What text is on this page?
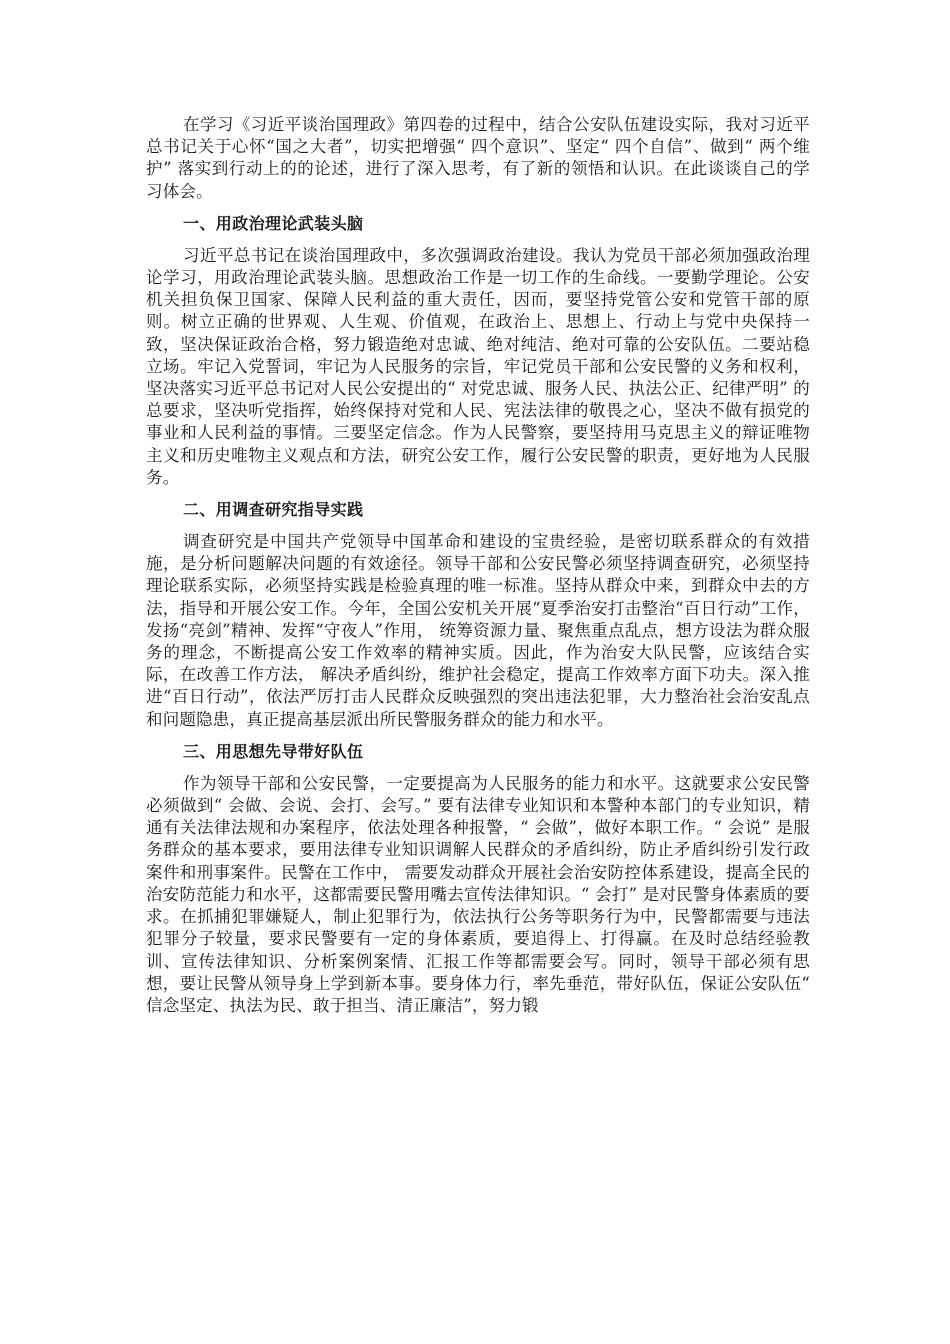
在学习《习近平谈治国理政》第四卷的过程中，结合公安队伍建设实际，我对习近平总书记关于心怀“国之大者”，切实把增强“ 四个意识”、坚定“ 四个自信”、做到“ 两个维护” 落实到行动上的的论述，进行了深入思考，有了新的领悟和认识。在此谈谈自己的学习体会。

一、用政治理论武装头脑

习近平总书记在谈治国理政中，多次强调政治建设。我认为党员干部必须加强政治理论学习，用政治理论武装头脑。思想政治工作是一切工作的生命线。一要勤学理论。公安机关担负保卫国家、保障人民利益的重大责任，因而，要坚持党管公安和党管干部的原则。树立正确的世界观、人生观、价值观，在政治上、思想上、行动上与党中央保持一致，坚决保证政治合格，努力锻造绝对忠诚、绝对纯洁、绝对可靠的公安队伍。二要站稳立场。牢记入党誓词，牢记为人民服务的宗旨，牢记党员干部和公安民警的义务和权利，坚决落实习近平总书记对人民公安提出的“ 对党忠诚、服务人民、执法公正、纪律严明” 的总要求，坚决听党指挥，始终保持对党和人民、宪法法律的敬畏之心，坚决不做有损党的事业和人民利益的事情。三要坚定信念。作为人民警察，要坚持用马克思主义的辩证唯物主义和历史唯物主义观点和方法，研究公安工作，履行公安民警的职责，更好地为人民服务。

二、用调查研究指导实践

调查研究是中国共产党领导中国革命和建设的宝贵经验，是密切联系群众的有效措施，是分析问题解决问题的有效途径。领导干部和公安民警必须坚持调查研究，必须坚持理论联系实际，必须坚持实践是检验真理的唯一标准。坚持从群众中来，到群众中去的方法，指导和开展公安工作。今年，全国公安机关开展“夏季治安打击整治“百日行动”工作，发扬“亮剑”精神、发挥“守夜人”作用， 统筹资源力量、聚焦重点乱点，想方设法为群众服务的理念，不断提高公安工作效率的精神实质。因此，作为治安大队民警，应该结合实际，在改善工作方法， 解决矛盾纠纷，维护社会稳定，提高工作效率方面下功夫。深入推进“百日行动”，依法严厉打击人民群众反映强烈的突出违法犯罪，大力整治社会治安乱点和问题隐患，真正提高基层派出所民警服务群众的能力和水平。

三、用思想先导带好队伍

作为领导干部和公安民警，一定要提高为人民服务的能力和水平。这就要求公安民警必须做到“ 会做、会说、会打、会写。” 要有法律专业知识和本警种本部门的专业知识，精通有关法律法规和办案程序，依法处理各种报警，“ 会做”，做好本职工作。“ 会说” 是服务群众的基本要求，要用法律专业知识调解人民群众的矛盾纠纷，防止矛盾纠纷引发行政案件和刑事案件。民警在工作中， 需要发动群众开展社会治安防控体系建设，提高全民的治安防范能力和水平，这都需要民警用嘴去宣传法律知识。“ 会打” 是对民警身体素质的要求。在抓捕犯罪嫌疑人，制止犯罪行为，依法执行公务等职务行为中，民警都需要与违法犯罪分子较量，要求民警要有一定的身体素质，要追得上、打得赢。在及时总结经验教训、宣传法律知识、分析案例案情、汇报工作等都需要会写。同时，领导干部必须有思想，要让民警从领导身上学到新本事。要身体力行，率先垂范，带好队伍，保证公安队伍“ 信念坚定、执法为民、敢于担当、清正廉洁”，努力锻
